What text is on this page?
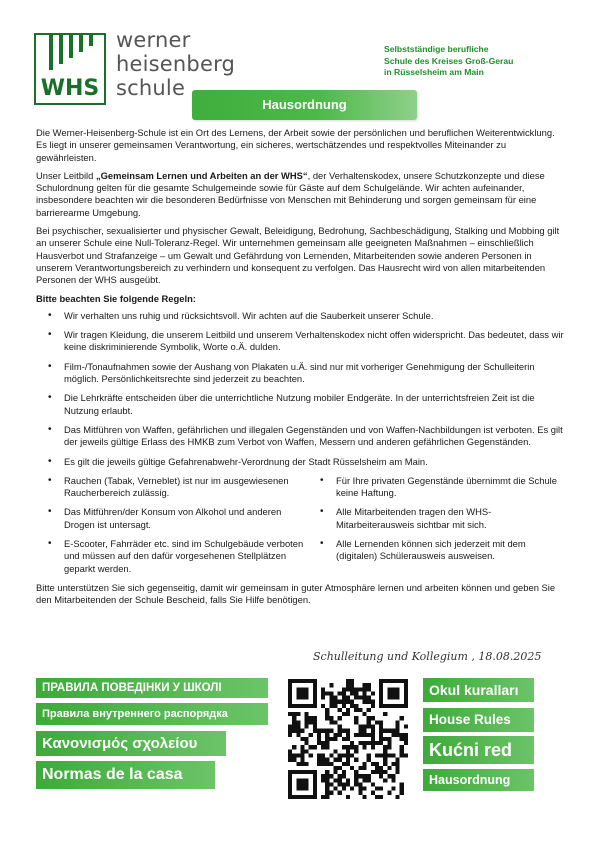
WHS
werner
heisenberg
schule
Selbstständige berufliche
Schule des Kreises Groß-Gerau
in Rüsselsheim am Main
Hausordnung

Die Werner-Heisenberg-Schule ist ein Ort des Lernens, der Arbeit sowie der persönlichen und beruflichen Weiterentwicklung. Es liegt in unserer gemeinsamen Verantwortung, ein sicheres, wertschätzendes und respektvolles Miteinander zu gewährleisten.

Unser Leitbild „Gemeinsam Lernen und Arbeiten an der WHS“, der Verhaltenskodex, unsere Schutzkonzepte und diese Schulordnung gelten für die gesamte Schulgemeinde sowie für Gäste auf dem Schulgelände. Wir achten aufeinander, insbesondere beachten wir die besonderen Bedürfnisse von Menschen mit Behinderung und sorgen gemeinsam für eine barrierearme Umgebung.

Bei psychischer, sexualisierter und physischer Gewalt, Beleidigung, Bedrohung, Sachbeschädigung, Stalking und Mobbing gilt an unserer Schule eine Null-Toleranz-Regel. Wir unternehmen gemeinsam alle geeigneten Maßnahmen – einschließlich Hausverbot und Strafanzeige – um Gewalt und Gefährdung von Lernenden, Mitarbeitenden sowie anderen Personen in unserem Verantwortungsbereich zu verhindern und konsequent zu verfolgen. Das Hausrecht wird von allen mitarbeitenden Personen der WHS ausgeübt.

Bitte beachten Sie folgende Regeln:
• Wir verhalten uns ruhig und rücksichtsvoll. Wir achten auf die Sauberkeit unserer Schule.
• Wir tragen Kleidung, die unserem Leitbild und unserem Verhaltenskodex nicht offen widerspricht. Das bedeutet, dass wir keine diskriminierende Symbolik, Worte o.Ä. dulden.
• Film-/Tonaufnahmen sowie der Aushang von Plakaten u.Ä. sind nur mit vorheriger Genehmigung der Schulleiterin möglich. Persönlichkeitsrechte sind jederzeit zu beachten.
• Die Lehrkräfte entscheiden über die unterrichtliche Nutzung mobiler Endgeräte. In der unterrichtsfreien Zeit ist die Nutzung erlaubt.
• Das Mitführen von Waffen, gefährlichen und illegalen Gegenständen und von Waffen-Nachbildungen ist verboten. Es gilt der jeweils gültige Erlass des HMKB zum Verbot von Waffen, Messern und anderen gefährlichen Gegenständen.
• Es gilt die jeweils gültige Gefahrenabwehr-Verordnung der Stadt Rüsselsheim am Main.
• Rauchen (Tabak, Verneblet) ist nur im ausgewiesenen Raucherbereich zulässig.
• Das Mitführen/der Konsum von Alkohol und anderen Drogen ist untersagt.
• E-Scooter, Fahrräder etc. sind im Schulgebäude verboten und müssen auf den dafür vorgesehenen Stellplätzen geparkt werden.
• Für Ihre privaten Gegenstände übernimmt die Schule keine Haftung.
• Alle Mitarbeitenden tragen den WHS-Mitarbeiterausweis sichtbar mit sich.
• Alle Lernenden können sich jederzeit mit dem (digitalen) Schülerausweis ausweisen.

Bitte unterstützen Sie sich gegenseitig, damit wir gemeinsam in guter Atmosphäre lernen und arbeiten können und geben Sie den Mitarbeitenden der Schule Bescheid, falls Sie Hilfe benötigen.

Schulleitung und Kollegium , 18.08.2025
ПРАВИЛА ПОВЕДІНКИ У ШКОЛІ
Правила внутреннего распорядка
Κανονισμός σχολείου
Normas de la casa
Okul kuralları
House Rules
Kućni red
Hausordnung
